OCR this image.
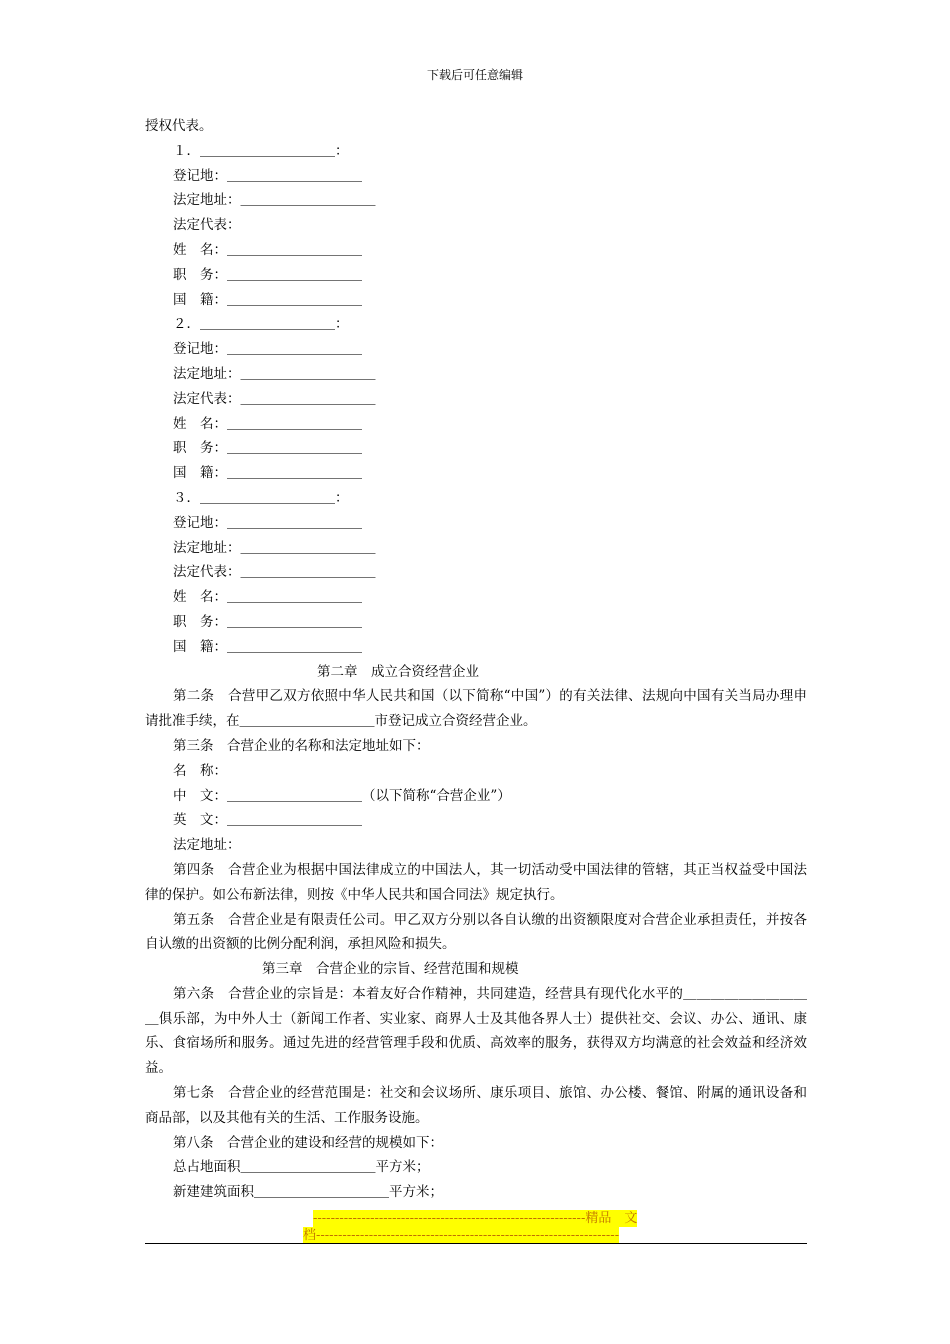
下载后可任意编辑
授权代表。
１．＿＿＿＿＿＿＿＿＿＿：
登记地：＿＿＿＿＿＿＿＿＿＿
法定地址：＿＿＿＿＿＿＿＿＿＿
法定代表：
姓　名：＿＿＿＿＿＿＿＿＿＿
职　务：＿＿＿＿＿＿＿＿＿＿
国　籍：＿＿＿＿＿＿＿＿＿＿
２．＿＿＿＿＿＿＿＿＿＿：
登记地：＿＿＿＿＿＿＿＿＿＿
法定地址：＿＿＿＿＿＿＿＿＿＿
法定代表：＿＿＿＿＿＿＿＿＿＿
姓　名：＿＿＿＿＿＿＿＿＿＿
职　务：＿＿＿＿＿＿＿＿＿＿
国　籍：＿＿＿＿＿＿＿＿＿＿
３．＿＿＿＿＿＿＿＿＿＿：
登记地：＿＿＿＿＿＿＿＿＿＿
法定地址：＿＿＿＿＿＿＿＿＿＿
法定代表：＿＿＿＿＿＿＿＿＿＿
姓　名：＿＿＿＿＿＿＿＿＿＿
职　务：＿＿＿＿＿＿＿＿＿＿
国　籍：＿＿＿＿＿＿＿＿＿＿
第二章　成立合资经营企业
第二条　合营甲乙双方依照中华人民共和国（以下简称“中国”）的有关法律、法规向中国有关当局办理申请批准手续，在＿＿＿＿＿＿＿＿＿＿市登记成立合资经营企业。
第三条　合营企业的名称和法定地址如下：
名　称：
中　文：＿＿＿＿＿＿＿＿＿＿（以下简称“合营企业”）
英　文：＿＿＿＿＿＿＿＿＿＿
法定地址：
第四条　合营企业为根据中国法律成立的中国法人，其一切活动受中国法律的管辖，其正当权益受中国法律的保护。如公布新法律，则按《中华人民共和国合同法》规定执行。
第五条　合营企业是有限责任公司。甲乙双方分别以各自认缴的出资额限度对合营企业承担责任，并按各自认缴的出资额的比例分配利润，承担风险和损失。
第三章　合营企业的宗旨、经营范围和规模
第六条　合营企业的宗旨是：本着友好合作精神，共同建造，经营具有现代化水平的＿＿＿＿＿＿＿＿＿＿俱乐部，为中外人士（新闻工作者、实业家、商界人士及其他各界人士）提供社交、会议、办公、通讯、康乐、食宿场所和服务。通过先进的经营管理手段和优质、高效率的服务，获得双方均满意的社会效益和经济效益。
第七条　合营企业的经营范围是：社交和会议场所、康乐项目、旅馆、办公楼、餐馆、附属的通讯设备和商品部，以及其他有关的生活、工作服务设施。
第八条　合营企业的建设和经营的规模如下：
总占地面积＿＿＿＿＿＿＿＿＿＿平方米；
新建建筑面积＿＿＿＿＿＿＿＿＿＿平方米；
--------------------------------------------------------------精品　文
档---------------------------------------------------------------------
